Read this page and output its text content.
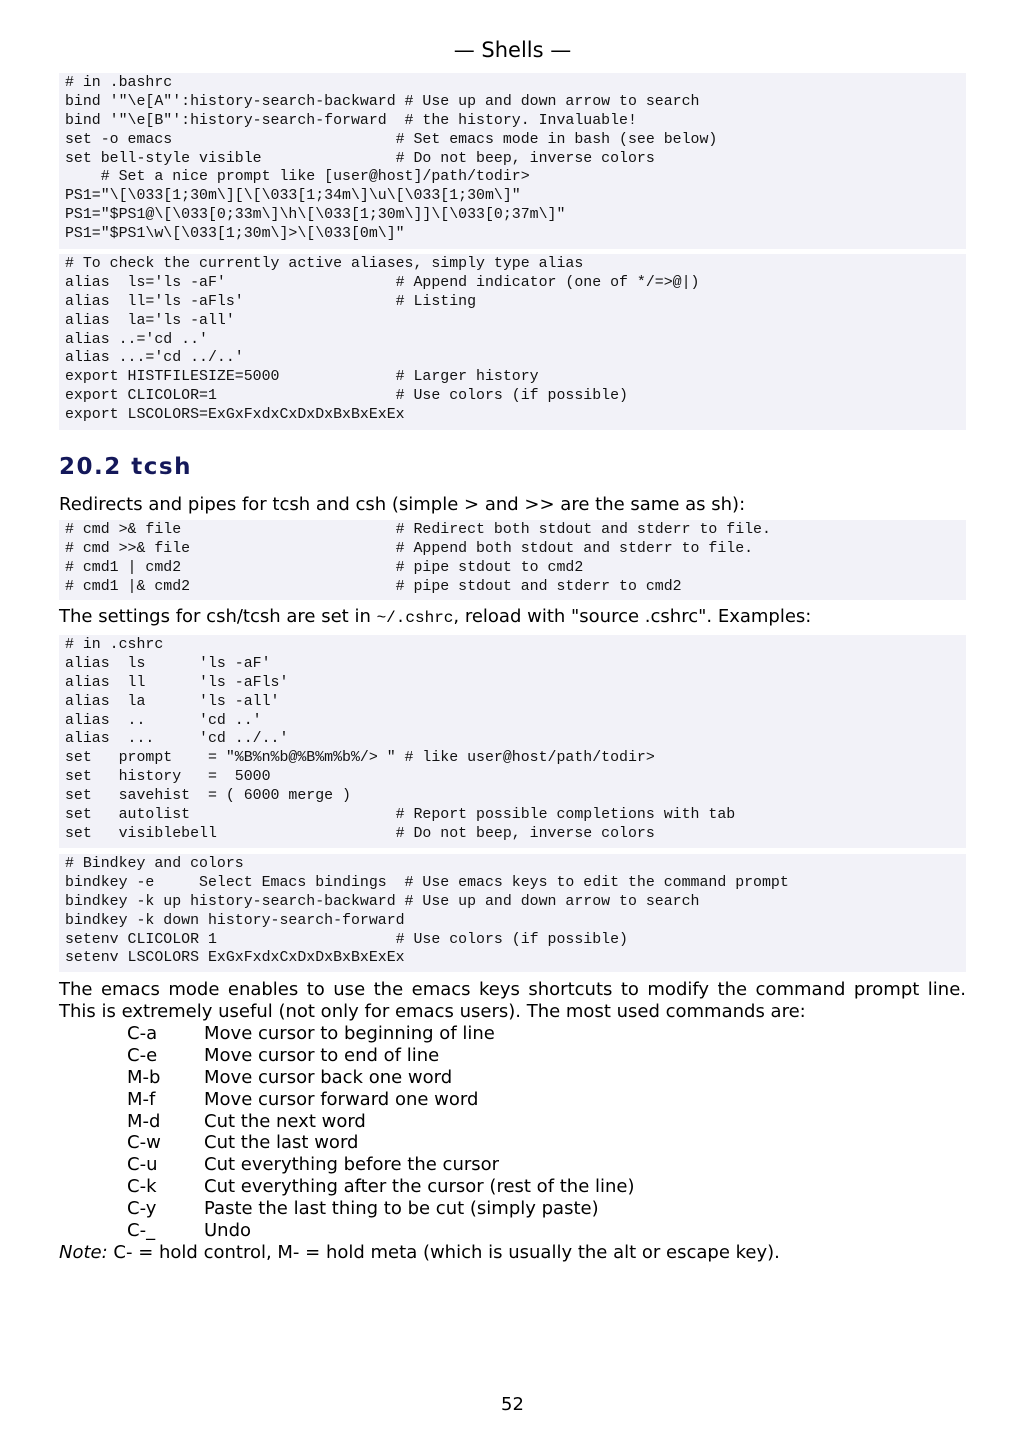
— Shells —
# in .bashrc
bind '"\e[A"':history-search-backward # Use up and down arrow to search
bind '"\e[B"':history-search-forward  # the history. Invaluable!
set -o emacs                         # Set emacs mode in bash (see below)
set bell-style visible               # Do not beep, inverse colors
# Set a nice prompt like [user@host]/path/todir>
PS1="\[\033[1;30m\][\[\033[1;34m\]\u\[\033[1;30m\]"
PS1="$PS1@\[\033[0;33m\]\h\[\033[1;30m\]]\[\033[0;37m\]"
PS1="$PS1\w\[\033[1;30m\]>\[\033[0m\]"
# To check the currently active aliases, simply type alias
alias  ls='ls -aF'                   # Append indicator (one of */=>@|)
alias  ll='ls -aFls'                 # Listing
alias  la='ls -all'
alias ..='cd ..'
alias ...='cd ../..'
export HISTFILESIZE=5000             # Larger history
export CLICOLOR=1                    # Use colors (if possible)
export LSCOLORS=ExGxFxdxCxDxDxBxBxExEx
20.2 tcsh
Redirects and pipes for tcsh and csh (simple > and >> are the same as sh):
# cmd >& file                        # Redirect both stdout and stderr to file.
# cmd >>& file                       # Append both stdout and stderr to file.
# cmd1 | cmd2                        # pipe stdout to cmd2
# cmd1 |& cmd2                       # pipe stdout and stderr to cmd2
The settings for csh/tcsh are set in ~/.cshrc, reload with "source .cshrc". Examples:
# in .cshrc
alias  ls      'ls -aF'
alias  ll      'ls -aFls'
alias  la      'ls -all'
alias  ..      'cd ..'
alias  ...     'cd ../..'
set   prompt    = "%B%n%b@%B%m%b%/> " # like user@host/path/todir>
set   history   =  5000
set   savehist  = ( 6000 merge )
set   autolist                       # Report possible completions with tab
set   visiblebell                    # Do not beep, inverse colors
# Bindkey and colors
bindkey -e     Select Emacs bindings  # Use emacs keys to edit the command prompt
bindkey -k up history-search-backward # Use up and down arrow to search
bindkey -k down history-search-forward
setenv CLICOLOR 1                    # Use colors (if possible)
setenv LSCOLORS ExGxFxdxCxDxDxBxBxExEx
The emacs mode enables to use the emacs keys shortcuts to modify the command prompt line. This is extremely useful (not only for emacs users). The most used commands are:
C-a	Move cursor to beginning of line
C-e	Move cursor to end of line
M-b	Move cursor back one word
M-f	Move cursor forward one word
M-d	Cut the next word
C-w	Cut the last word
C-u	Cut everything before the cursor
C-k	Cut everything after the cursor (rest of the line)
C-y	Paste the last thing to be cut (simply paste)
C-_	Undo
Note: C- = hold control, M- = hold meta (which is usually the alt or escape key).
52
